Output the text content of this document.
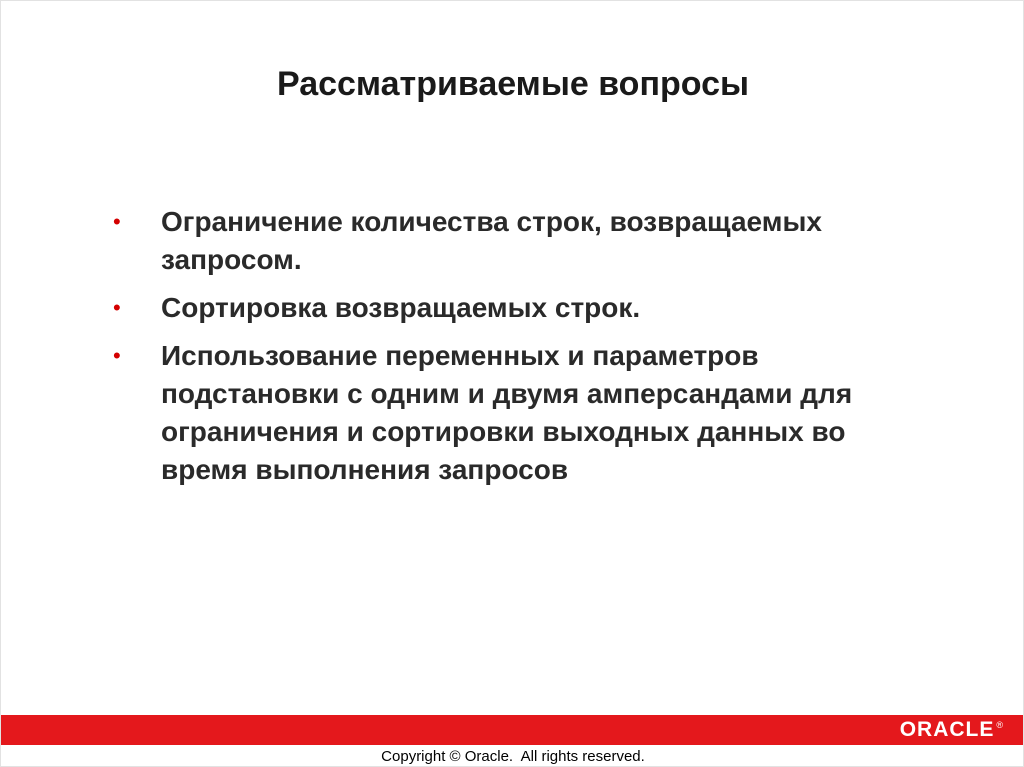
Рассматриваемые вопросы
•	Ограничение количества строк, возвращаемых запросом.
•	Сортировка возвращаемых строк.
•	Использование переменных и параметров подстановки с одним и двумя амперсандами для ограничения и сортировки выходных данных во время выполнения запросов
ORACLE ®
Copyright © Oracle.  All rights reserved.
